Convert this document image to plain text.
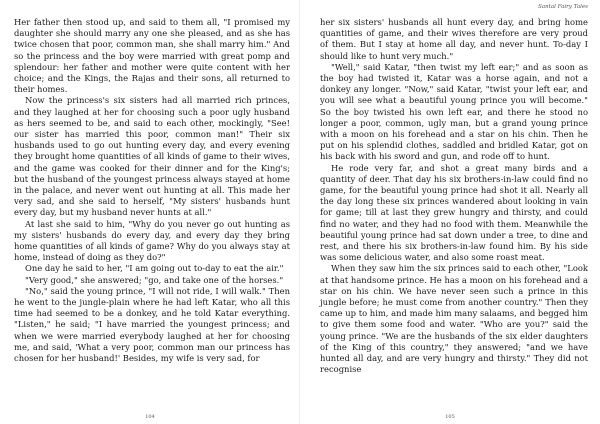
Her father then stood up, and said to them all, "I promised my daughter she should marry any one she pleased, and as she has twice chosen that poor, common man, she shall marry him." And so the princess and the boy were married with great pomp and splendour: her father and mother were quite content with her choice; and the Kings, the Rajas and their sons, all returned to their homes.

Now the princess's six sisters had all married rich princes, and they laughed at her for choosing such a poor ugly husband as hers seemed to be, and said to each other, mockingly, "See! our sister has married this poor, common man!" Their six husbands used to go out hunting every day, and every evening they brought home quantities of all kinds of game to their wives, and the game was cooked for their dinner and for the King's; but the husband of the youngest princess always stayed at home in the palace, and never went out hunting at all. This made her very sad, and she said to herself, "My sisters' husbands hunt every day, but my husband never hunts at all."

At last she said to him, "Why do you never go out hunting as my sisters' husbands do every day, and every day they bring home quantities of all kinds of game? Why do you always stay at home, instead of doing as they do?"

One day he said to her, "I am going out to-day to eat the air."

"Very good," she answered; "go, and take one of the horses."

"No," said the young prince, "I will not ride, I will walk." Then he went to the jungle-plain where he had left Katar, who all this time had seemed to be a donkey, and he told Katar everything. "Listen," he said; "I have married the youngest princess; and when we were married everybody laughed at her for choosing me, and said, 'What a very poor, common man our princess has chosen for her husband!' Besides, my wife is very sad, for

104
Santal Fairy Tales

her six sisters' husbands all hunt every day, and bring home quantities of game, and their wives therefore are very proud of them. But I stay at home all day, and never hunt. To-day I should like to hunt very much."

"Well," said Katar, "then twist my left ear;" and as soon as the boy had twisted it, Katar was a horse again, and not a donkey any longer. "Now," said Katar, "twist your left ear, and you will see what a beautiful young prince you will become." So the boy twisted his own left ear, and there he stood no longer a poor, common, ugly man, but a grand young prince with a moon on his forehead and a star on his chin. Then he put on his splendid clothes, saddled and bridled Katar, got on his back with his sword and gun, and rode off to hunt.

He rode very far, and shot a great many birds and a quantity of deer. That day his six brothers-in-law could find no game, for the beautiful young prince had shot it all. Nearly all the day long these six princes wandered about looking in vain for game; till at last they grew hungry and thirsty, and could find no water, and they had no food with them. Meanwhile the beautiful young prince had sat down under a tree, to dine and rest, and there his six brothers-in-law found him. By his side was some delicious water, and also some roast meat.

When they saw him the six princes said to each other, "Look at that handsome prince. He has a moon on his forehead and a star on his chin. We have never seen such a prince in this jungle before; he must come from another country." Then they came up to him, and made him many salaams, and begged him to give them some food and water. "Who are you?" said the young prince. "We are the husbands of the six elder daughters of the King of this country," they answered; "and we have hunted all day, and are very hungry and thirsty." They did not recognise

105
